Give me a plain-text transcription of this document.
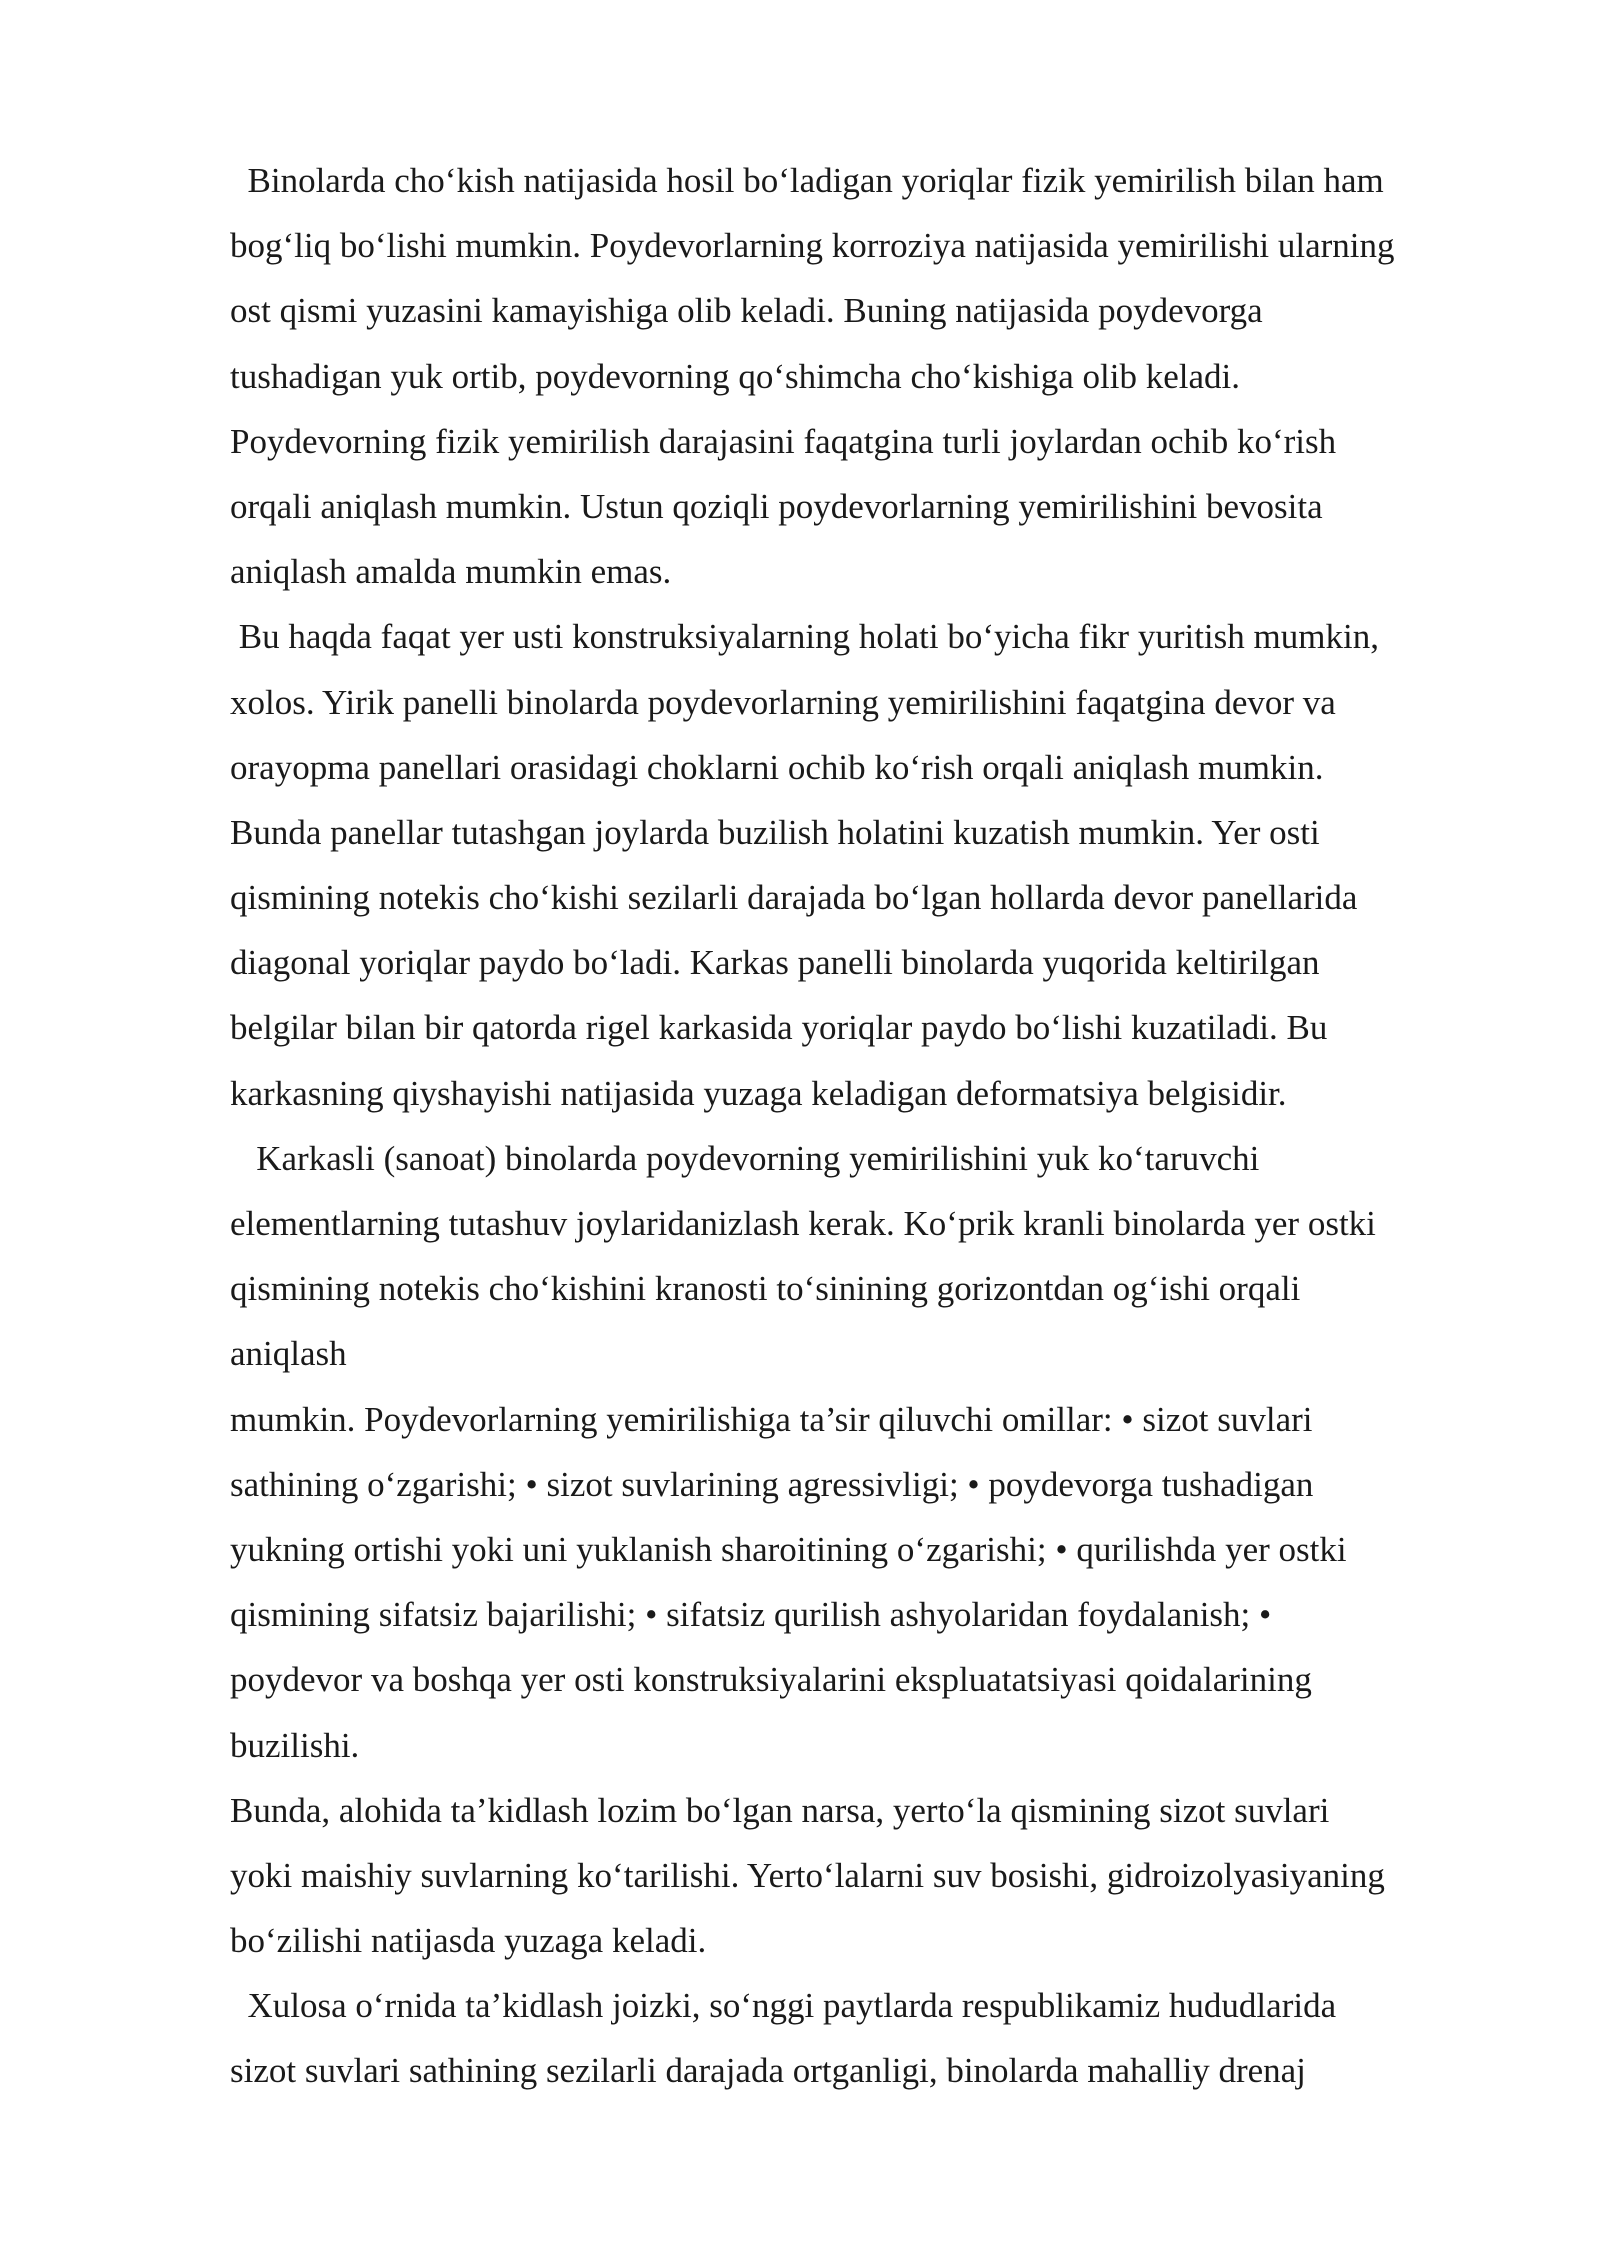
Binolarda cho‘kish natijasida hosil bo‘ladigan yoriqlar fizik yemirilish bilan ham
bog‘liq bo‘lishi mumkin. Poydevorlarning korroziya natijasida yemirilishi ularning
ost qismi yuzasini kamayishiga olib keladi. Buning natijasida poydevorga
tushadigan yuk ortib, poydevorning qo‘shimcha cho‘kishiga olib keladi.
Poydevorning fizik yemirilish darajasini faqatgina turli joylardan ochib ko‘rish
orqali aniqlash mumkin. Ustun qoziqli poydevorlarning yemirilishini bevosita
aniqlash amalda mumkin emas.
Bu haqda faqat yer usti konstruksiyalarning holati bo‘yicha fikr yuritish mumkin,
xolos. Yirik panelli binolarda poydevorlarning yemirilishini faqatgina devor va
orayopma panellari orasidagi choklarni ochib ko‘rish orqali aniqlash mumkin.
Bunda panellar tutashgan joylarda buzilish holatini kuzatish mumkin. Yer osti
qismining notekis cho‘kishi sezilarli darajada bo‘lgan hollarda devor panellarida
diagonal yoriqlar paydo bo‘ladi. Karkas panelli binolarda yuqorida keltirilgan
belgilar bilan bir qatorda rigel karkasida yoriqlar paydo bo‘lishi kuzatiladi. Bu
karkasning qiyshayishi natijasida yuzaga keladigan deformatsiya belgisidir.
Karkasli (sanoat) binolarda poydevorning yemirilishini yuk ko‘taruvchi
elementlarning tutashuv joylaridanizlash kerak. Ko‘prik kranli binolarda yer ostki
qismining notekis cho‘kishini kranosti to‘sinining gorizontdan og‘ishi orqali
aniqlash
mumkin. Poydevorlarning yemirilishiga ta’sir qiluvchi omillar: • sizot suvlari
sathining o‘zgarishi; • sizot suvlarining agressivligi; • poydevorga tushadigan
yukning ortishi yoki uni yuklanish sharoitining o‘zgarishi; • qurilishda yer ostki
qismining sifatsiz bajarilishi; • sifatsiz qurilish ashyolaridan foydalanish; •
poydevor va boshqa yer osti konstruksiyalarini ekspluatatsiyasi qoidalarining
buzilishi.
Bunda, alohida ta’kidlash lozim bo‘lgan narsa, yerto‘la qismining sizot suvlari
yoki maishiy suvlarning ko‘tarilishi. Yerto‘lalarni suv bosishi, gidroizolyasiyaning
bo‘zilishi natijasda yuzaga keladi.
Xulosa o‘rnida ta’kidlash joizki, so‘nggi paytlarda respublikamiz hududlarida
sizot suvlari sathining sezilarli darajada ortganligi, binolarda mahalliy drenaj
